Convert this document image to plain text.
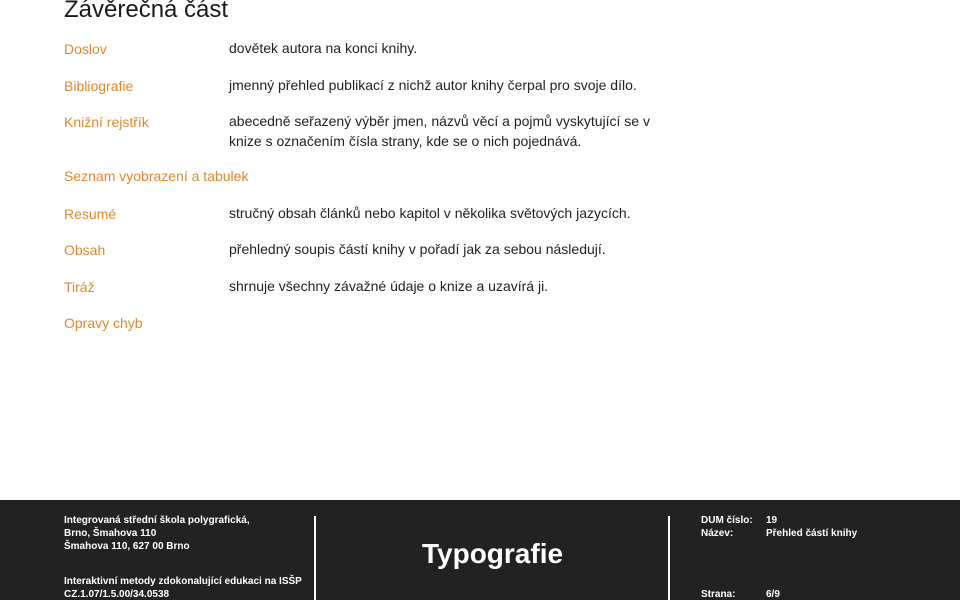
Závěrečná část
Doslov	dovětek autora na konci knihy.
Bibliografie	jmenný přehled publikací z nichž autor knihy čerpal pro svoje dílo.
Knižní rejstřík	abecedně seřazený výběr jmen, názvů věcí a pojmů vyskytující se v knize s označením čísla strany, kde se o nich pojednává.
Seznam vyobrazení a tabulek
Resumé	stručný obsah článků nebo kapitol v několika světových jazycích.
Obsah	přehledný soupis částí knihy v pořadí jak za sebou následují.
Tiráž	shrnuje všechny závažné údaje o knize a uzavírá ji.
Opravy chyb
Integrovaná střední škola polygrafická,
Brno, Šmahova 110
Šmahova 110, 627 00 Brno
Interaktivní metody zdokonalující edukaci na ISŠP
CZ.1.07/1.5.00/34.0538
Typografie
DUM číslo: 19
Název:	Přehled částí knihy
Strana:	6/9
